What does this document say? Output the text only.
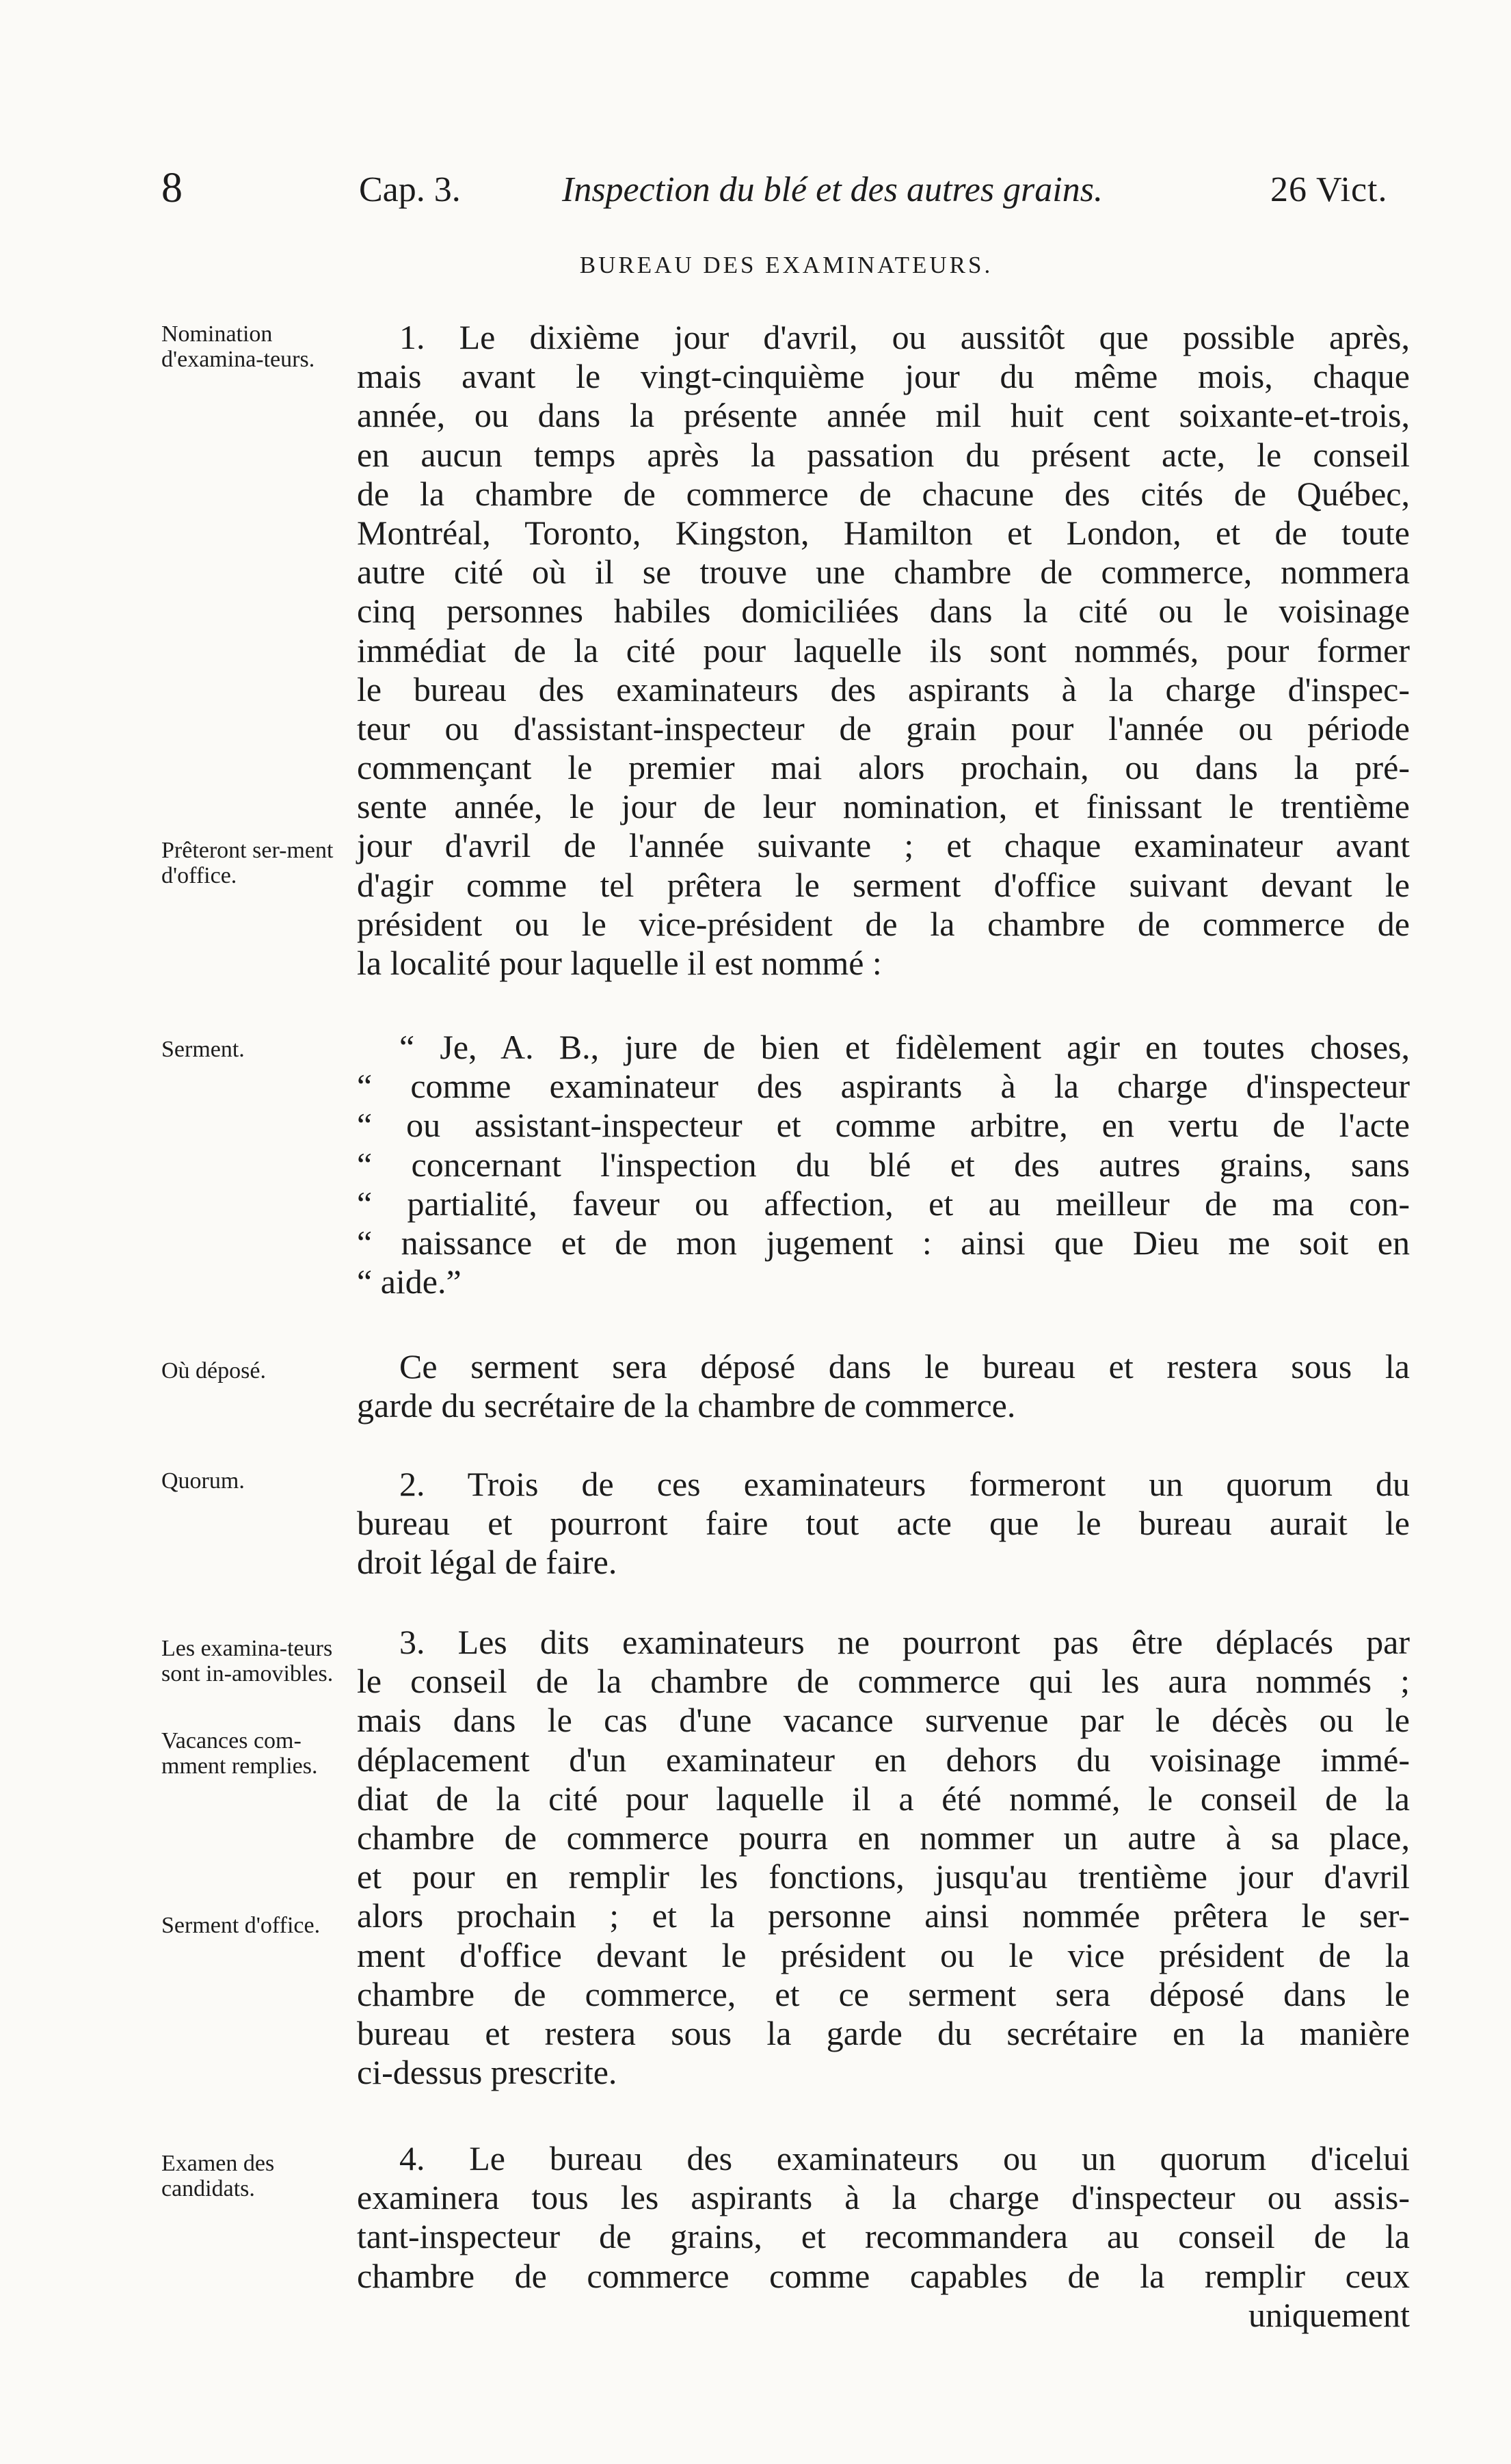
8	Cap. 3.	Inspection du blé et des autres grains.	26 Vict.
BUREAU DES EXAMINATEURS.
Nomination d'examina-teurs.
Prêteront ser-ment d'office.
Serment.
Où déposé.
Quorum.
Les examina-teurs sont in-amovibles.
Vacances com-mment remplies.
Serment d'office.
Examen des candidats.
1. Le dixième jour d'avril, ou aussitôt que possible après,
mais avant le vingt-cinquième jour du même mois, chaque
année, ou dans la présente année mil huit cent soixante-et-trois,
en aucun temps après la passation du présent acte, le conseil
de la chambre de commerce de chacune des cités de Québec,
Montréal, Toronto, Kingston, Hamilton et London, et de toute
autre cité où il se trouve une chambre de commerce, nommera
cinq personnes habiles domiciliées dans la cité ou le voisinage
immédiat de la cité pour laquelle ils sont nommés, pour former
le bureau des examinateurs des aspirants à la charge d'inspec-
teur ou d'assistant-inspecteur de grain pour l'année ou période
commençant le premier mai alors prochain, ou dans la pré-
sente année, le jour de leur nomination, et finissant le trentième
jour d'avril de l'année suivante ; et chaque examinateur avant
d'agir comme tel prêtera le serment d'office suivant devant le
président ou le vice-président de la chambre de commerce de
la localité pour laquelle il est nommé :
“ Je, A. B., jure de bien et fidèlement agir en toutes choses,
“ comme examinateur des aspirants à la charge d'inspecteur
“ ou assistant-inspecteur et comme arbitre, en vertu de l'acte
“ concernant l'inspection du blé et des autres grains, sans
“ partialité, faveur ou affection, et au meilleur de ma con-
“ naissance et de mon jugement : ainsi que Dieu me soit en
“ aide.”
Ce serment sera déposé dans le bureau et restera sous la
garde du secrétaire de la chambre de commerce.
2. Trois de ces examinateurs formeront un quorum du
bureau et pourront faire tout acte que le bureau aurait le
droit légal de faire.
3. Les dits examinateurs ne pourront pas être déplacés par
le conseil de la chambre de commerce qui les aura nommés ;
mais dans le cas d'une vacance survenue par le décès ou le
déplacement d'un examinateur en dehors du voisinage immé-
diat de la cité pour laquelle il a été nommé, le conseil de la
chambre de commerce pourra en nommer un autre à sa place,
et pour en remplir les fonctions, jusqu'au trentième jour d'avril
alors prochain ; et la personne ainsi nommée prêtera le ser-
ment d'office devant le président ou le vice président de la
chambre de commerce, et ce serment sera déposé dans le
bureau et restera sous la garde du secrétaire en la manière
ci-dessus prescrite.
4. Le bureau des examinateurs ou un quorum d'icelui
examinera tous les aspirants à la charge d'inspecteur ou assis-
tant-inspecteur de grains, et recommandera au conseil de la
chambre de commerce comme capables de la remplir ceux
uniquement
